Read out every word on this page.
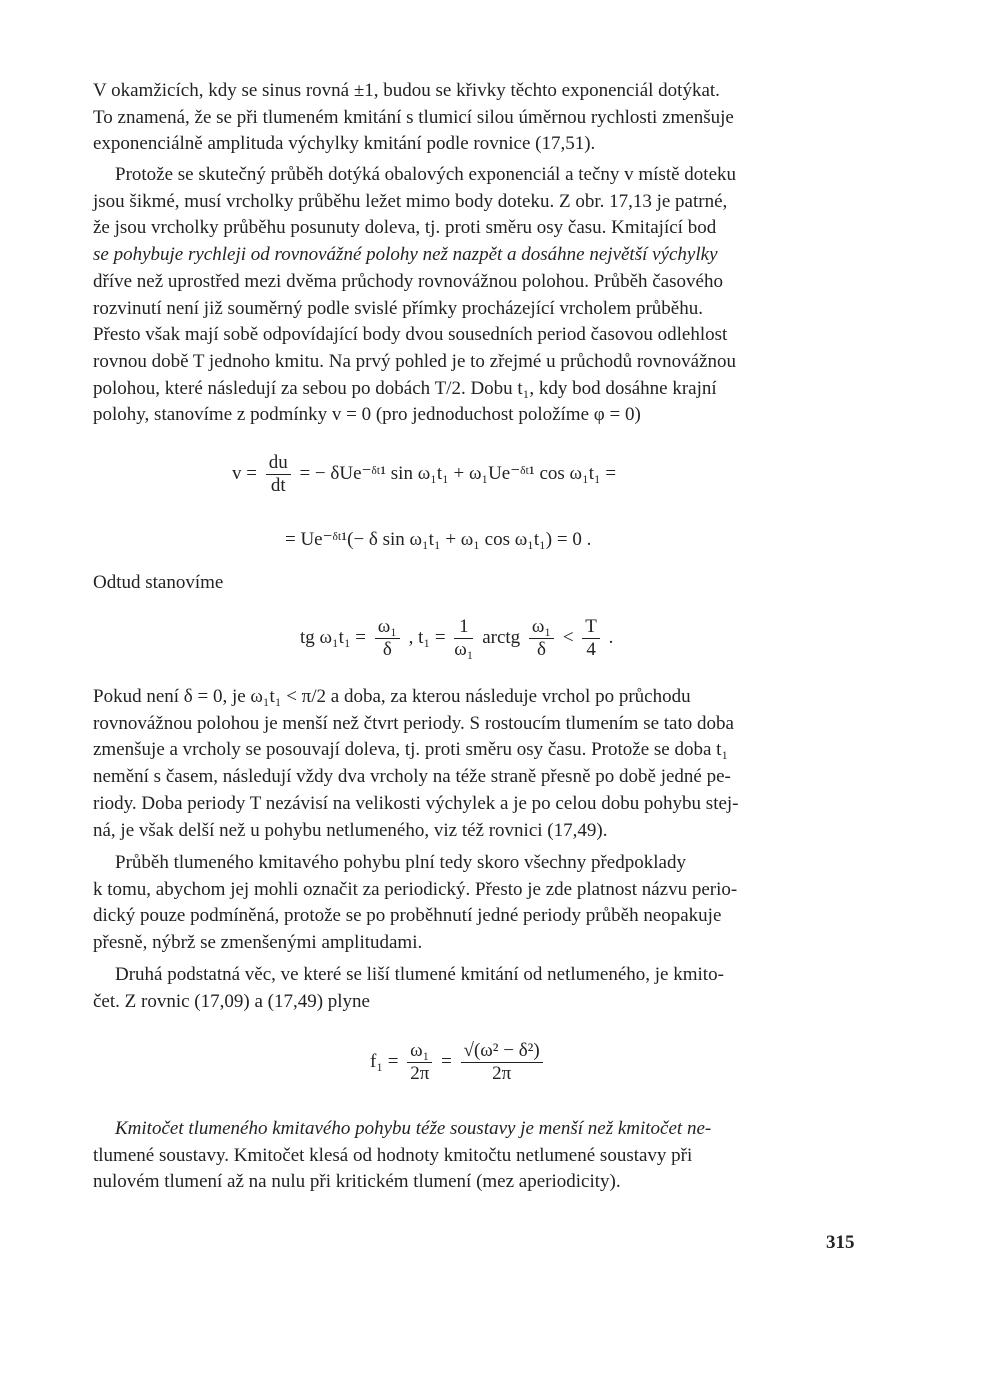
V okamžicích, kdy se sinus rovná ±1, budou se křivky těchto exponenciál dotýkat.
To znamená, že se při tlumeném kmitání s tlumicí silou úměrnou rychlosti zmenšuje
exponenciálně amplituda výchylky kmitání podle rovnice (17,51).

Protože se skutečný průběh dotýká obalových exponenciál a tečny v místě doteku
jsou šikmé, musí vrcholky průběhu ležet mimo body doteku. Z obr. 17,13 je patrné,
že jsou vrcholky průběhu posunuty doleva, tj. proti směru osy času. Kmitající bod
se pohybuje rychleji od rovnovážné polohy než nazpět a dosáhne největší výchylky
dříve než uprostřed mezi dvěma průchody rovnovážnou polohou. Průběh časového
rozvinutí není již souměrný podle svislé přímky procházející vrcholem průběhu.
Přesto však mají sobě odpovídající body dvou sousedních period časovou odlehlost
rovnou době T jednoho kmitu. Na prvý pohled je to zřejmé u průchodů rovnovážnou
polohou, které následují za sebou po dobách T/2. Dobu t₁, kdy bod dosáhne krajní
polohy, stanovíme z podmínky v = 0 (pro jednoduchost položíme φ = 0)

$v = \frac{du}{dt}$ = − δUe⁻ᵟᵗ¹ sin ω₁t₁ + ω₁Ue⁻ᵟᵗ¹ cos ω₁t₁ =
= Ue⁻ᵟᵗ¹(− δ sin ω₁t₁ + ω₁ cos ω₁t₁) = 0 .

Odtud stanovíme

tg $\omega_1t_1 = \frac{\text{ω₁}}{\delta}$ , $t_1 = \frac{1}{\text{ω₁}}$ arctg $\frac{\text{ω₁}}{\delta} < \frac{T}{4}$ .

Pokud není δ = 0, je ω₁t₁ < π/2 a doba, za kterou následuje vrchol po průchodu
rovnovážnou polohou je menší než čtvrt periody. S rostoucím tlumením se tato doba
zmenšuje a vrcholy se posouvají doleva, tj. proti směru osy času. Protože se doba t₁
nemění s časem, následují vždy dva vrcholy na téže straně přesně po době jedné pe-
riody. Doba periody T nezávisí na velikosti výchylek a je po celou dobu pohybu stej-
ná, je však delší než u pohybu netlumeného, viz též rovnici (17,49).

Průběh tlumeného kmitavého pohybu plní tedy skoro všechny předpoklady
k tomu, abychom jej mohli označit za periodický. Přesto je zde platnost názvu perio-
dický pouze podmíněná, protože se po proběhnutí jedné periody průběh neopakuje
přesně, nýbrž se zmenšenými amplitudami.

Druhá podstatná věc, ve které se liší tlumené kmitání od netlumeného, je kmito-
čet. Z rovnic (17,09) a (17,49) plyne

$f_1 = \frac{\text{ω₁}}{2\pi} = \frac{\text{√(ω² − δ²)}}{2\pi}$

Kmitočet tlumeného kmitavého pohybu téže soustavy je menší než kmitočet ne-
tlumené soustavy. Kmitočet klesá od hodnoty kmitočtu netlumené soustavy při
nulovém tlumení až na nulu při kritickém tlumení (mez aperiodicity).

315
